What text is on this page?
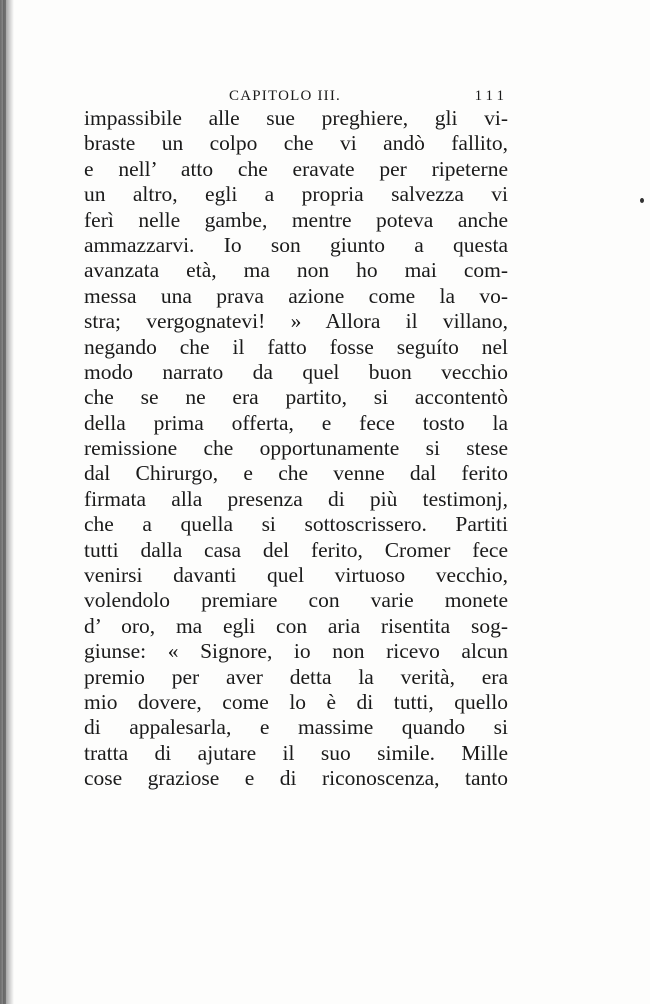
CAPITOLO III.	111
impassibile alle sue preghiere, gli vi-
braste un colpo che vi andò fallito,
e nell’ atto che eravate per ripeterne
un altro, egli a propria salvezza vi
ferì nelle gambe, mentre poteva anche
ammazzarvi. Io son giunto a questa
avanzata età, ma non ho mai com-
messa una prava azione come la vo-
stra; vergognatevi! » Allora il villano,
negando che il fatto fosse seguíto nel
modo narrato da quel buon vecchio
che se ne era partito, si accontentò
della prima offerta, e fece tosto la
remissione che opportunamente si stese
dal Chirurgo, e che venne dal ferito
firmata alla presenza di più testimonj,
che a quella si sottoscrissero. Partiti
tutti dalla casa del ferito, Cromer fece
venirsi davanti quel virtuoso vecchio,
volendolo premiare con varie monete
d’ oro, ma egli con aria risentita sog-
giunse: « Signore, io non ricevo alcun
premio per aver detta la verità, era
mio dovere, come lo è di tutti, quello
di appalesarla, e massime quando si
tratta di ajutare il suo simile. Mille
cose graziose e di riconoscenza, tanto
